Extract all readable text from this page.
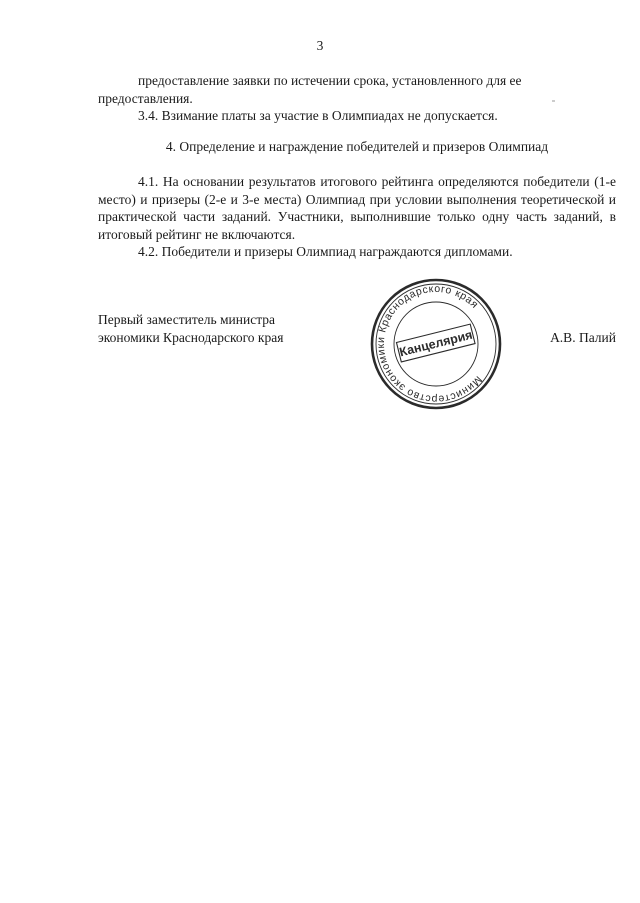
3

предоставление заявки по истечении срока, установленного для ее

предоставления.

3.4. Взимание платы за участие в Олимпиадах не допускается.

4. Определение и награждение победителей и призеров Олимпиад

4.1. На основании результатов итогового рейтинга определяются победители (1-е место) и призеры (2-е и 3-е места) Олимпиад при условии выполнения теоретической и практической части заданий. Участники, выполнившие только одну часть заданий, в итоговый рейтинг не включаются.

4.2. Победители и призеры Олимпиад награждаются дипломами.

Первый заместитель министра
экономики Краснодарского края
Министерство экономики Краснодарского края
Канцелярия	А.В. Палий
